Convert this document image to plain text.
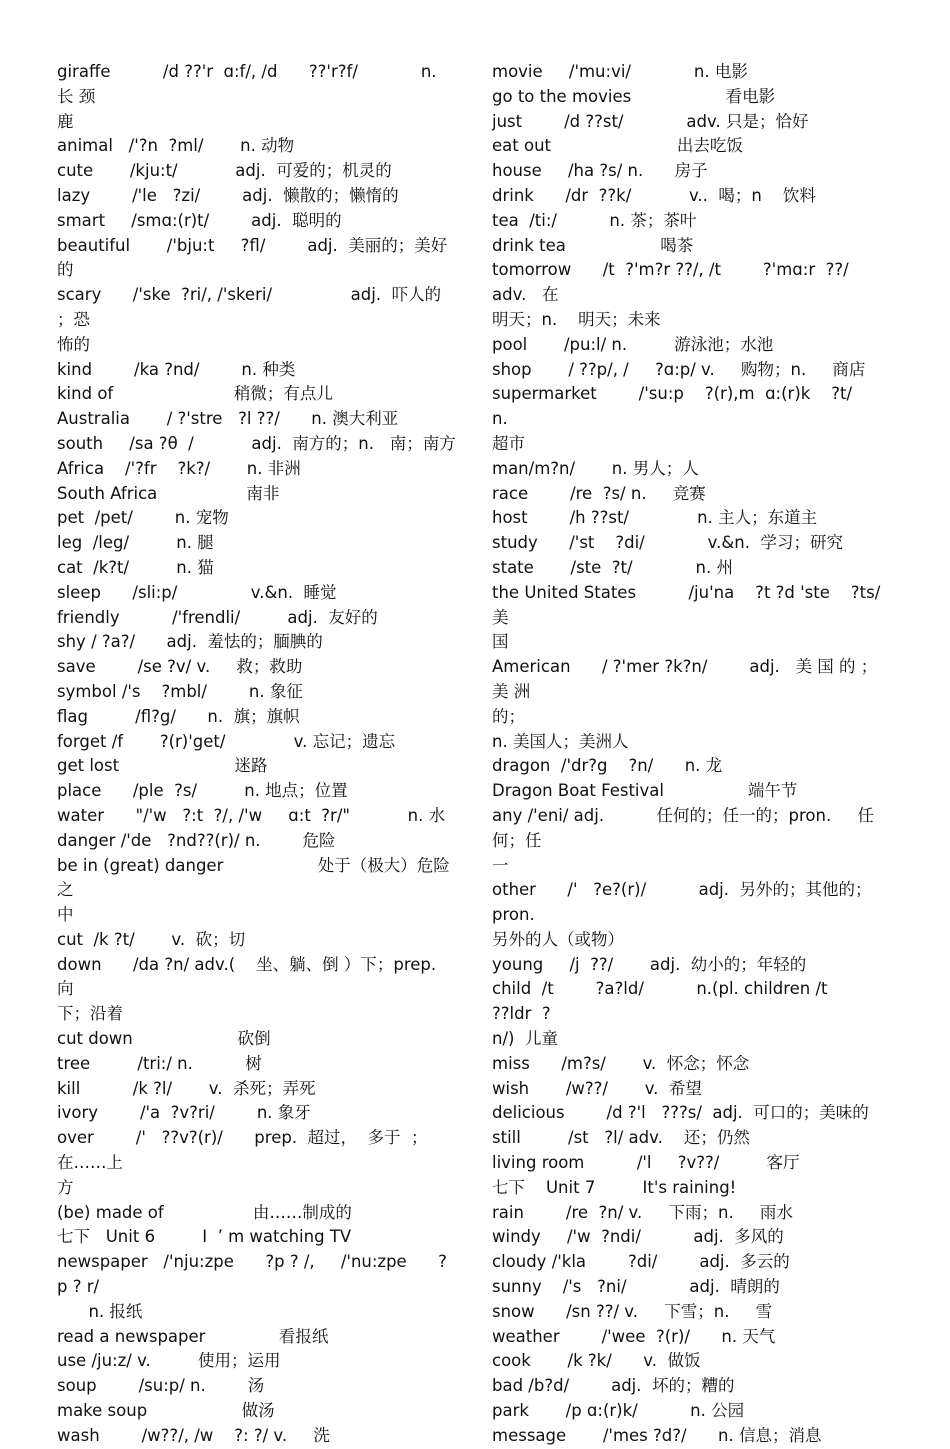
giraffe          /d ??'r  ɑ:f/, /d      ??'r?f/            n.  长 颈

鹿

animal   /'?n  ?ml/       n. 动物

cute       /kju:t/           adj.  可爱的；机灵的

lazy        /'le   ?zi/        adj.  懒散的；懒惰的

smart     /smɑ:(r)t/        adj.  聪明的

beautiful       /'bju:t     ?fl/        adj.  美丽的；美好的

scary      /'ske  ?ri/, /'skeri/               adj.  吓人的 ；恐

怖的

kind        /ka ?nd/        n. 种类

kind of                       稍微；有点儿

Australia       / ?'stre   ?l ??/      n. 澳大利亚

south     /sa ?θ  /           adj.  南方的；n.   南；南方

Africa    /'?fr    ?k?/       n. 非洲

South Africa                 南非

pet  /pet/        n. 宠物

leg  /leg/         n. 腿

cat  /k?t/         n. 猫

sleep      /sli:p/              v.&n.  睡觉

friendly          /'frendli/         adj.  友好的

shy / ?a?/      adj.  羞怯的；腼腆的

save        /se ?v/ v.     救；救助

symbol /'s    ?mbl/        n. 象征

flag         /fl?g/      n.  旗；旗帜

forget /f       ?(r)'get/             v. 忘记；遗忘

get lost                      迷路

place      /ple  ?s/         n. 地点；位置

water      "/'w   ?:t  ?/, /'w     ɑ:t  ?r/"           n. 水

danger /'de   ?nd??(r)/ n.        危险

be in (great) danger                  处于（极大）危险之

中

cut  /k ?t/       v.  砍；切

down      /da ?n/ adv.(    坐、躺、倒 ）下；prep.    向

下；沿着

cut down                    砍倒

tree         /tri:/ n.          树

kill          /k ?l/       v.  杀死；弄死

ivory        /'a  ?v?ri/        n. 象牙

over        /'   ??v?(r)/      prep.  超过，  多于  ；在……上

方

(be) made of                 由……制成的

七下   Unit 6         I  ’ m watching TV

newspaper   /'nju:zpe      ?p ? /,     /'nu:zpe      ?p ? r/

n. 报纸

read a newspaper              看报纸

use /ju:z/ v.         使用；运用

soup        /su:p/ n.        汤

make soup                  做汤

wash        /w??/, /w    ?: ?/ v.     洗

movie     /'mu:vi/            n. 电影

go to the movies                  看电影

just        /d ??st/            adv. 只是；恰好

eat out                        出去吃饭

house     /ha ?s/ n.      房子

drink      /dr  ??k/           v..  喝；n    饮料

tea  /ti:/          n. 茶；茶叶

drink tea                  喝茶

tomorrow      /t  ?'m?r ??/, /t        ?'mɑ:r  ??/     adv.   在

明天；n.    明天；未来

pool       /pu:l/ n.         游泳池；水池

shop       / ??p/, /     ?ɑ:p/ v.     购物；n.     商店

supermarket        /'su:p    ?(r),m  ɑ:(r)k    ?t/           n.

超市

man/m?n/       n. 男人；人

race        /re  ?s/ n.     竞赛

host        /h ??st/             n. 主人；东道主

study      /'st    ?di/            v.&n.  学习；研究

state       /ste  ?t/            n. 州

the United States          /ju'na    ?t ?d 'ste    ?ts/       美

国

American      / ?'mer ?k?n/        adj.   美 国 的 ；美 洲

的；

n. 美国人；美洲人

dragon  /'dr?g    ?n/      n. 龙

Dragon Boat Festival                端午节

any /'eni/ adj.          任何的；任一的；pron.     任何；任

一

other      /'   ?e?(r)/          adj.  另外的；其他的；pron.

另外的人（或物）

young     /j  ??/       adj.  幼小的；年轻的

child  /t        ?a?ld/          n.(pl. children /t              ??ldr  ?

n/)  儿童

miss      /m?s/       v.  怀念；怀念

wish       /w??/       v.  希望

delicious        /d ?'l   ???s/  adj.  可口的；美味的

still         /st   ?l/ adv.    还；仍然

living room          /'l     ?v??/         客厅

七下    Unit 7         It's raining!

rain        /re  ?n/ v.     下雨；n.     雨水

windy     /'w  ?ndi/          adj.  多风的

cloudy /'kla        ?di/        adj.  多云的

sunny    /'s   ?ni/            adj.  晴朗的

snow      /sn ??/ v.     下雪；n.     雪

weather        /'wee  ?(r)/      n. 天气

cook       /k ?k/      v.  做饭

bad /b?d/        adj.  坏的；糟的

park       /p ɑ:(r)k/          n. 公园

message       /'mes ?d?/      n. 信息；消息
